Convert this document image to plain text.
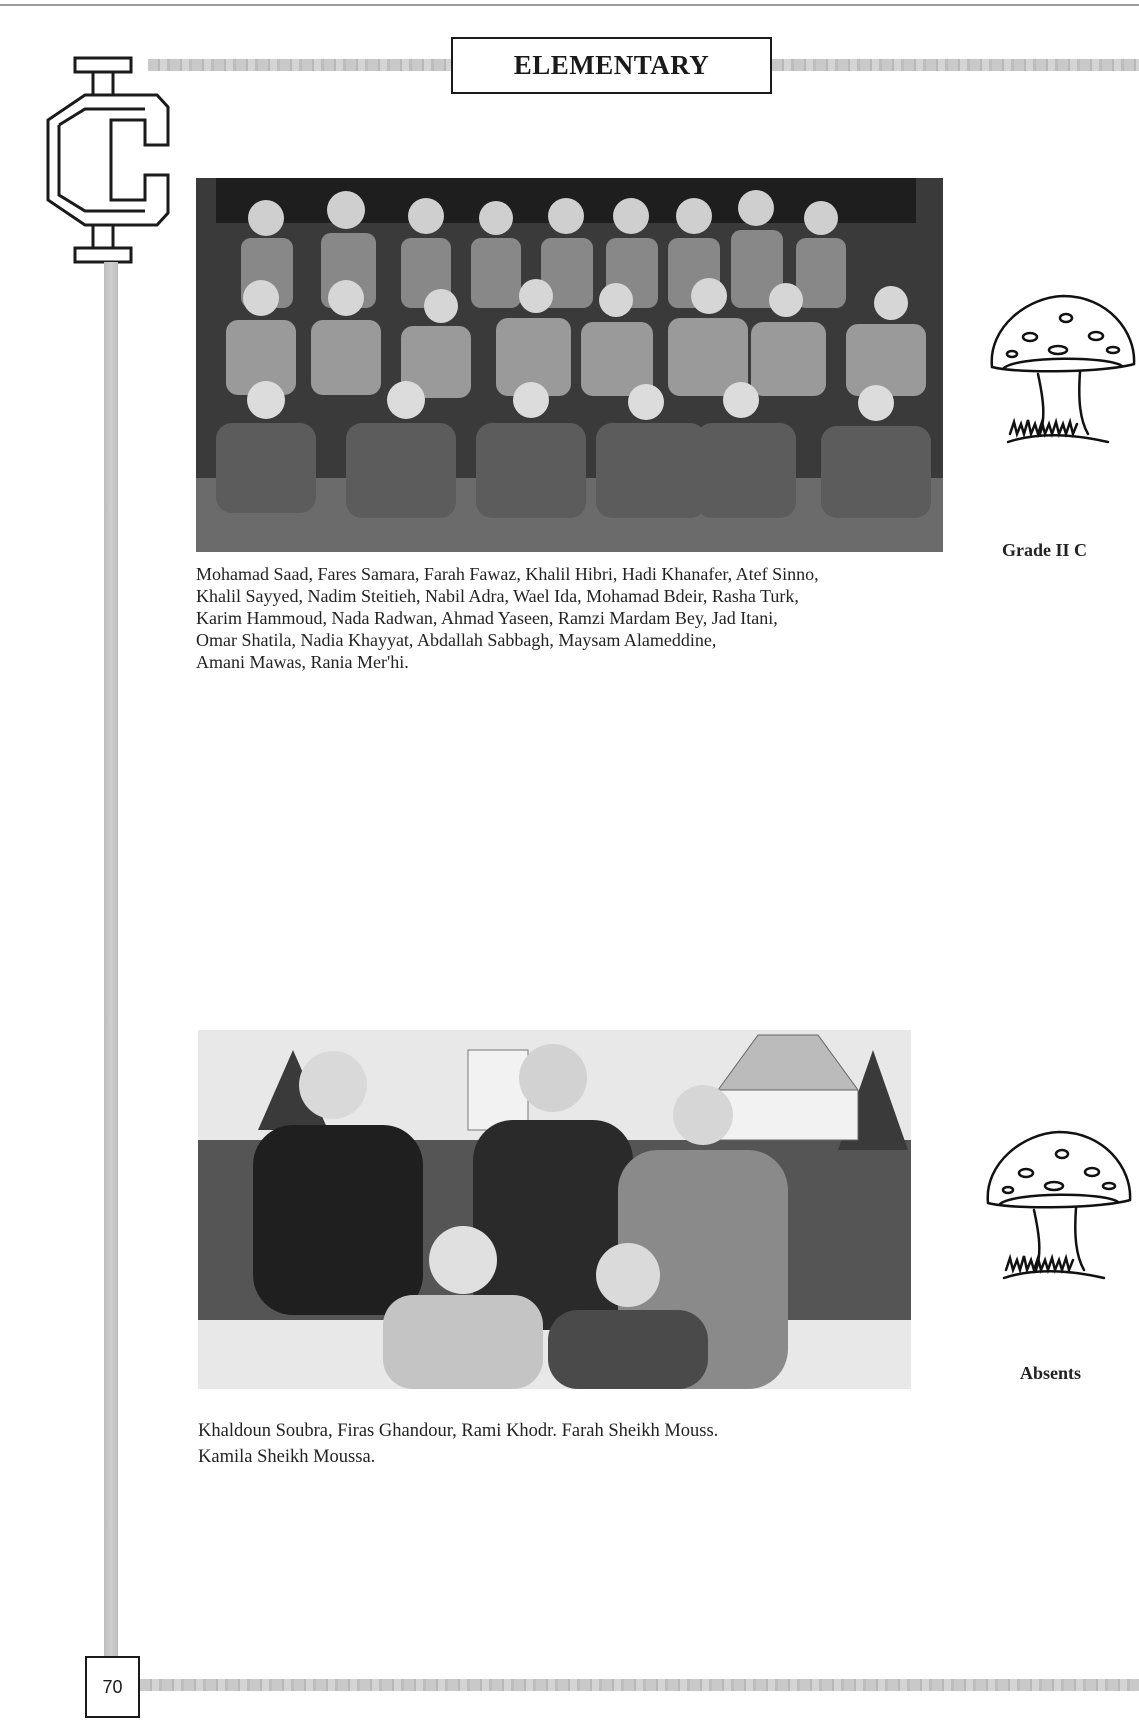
ELEMENTARY
Mohamad Saad, Fares Samara, Farah Fawaz, Khalil Hibri, Hadi Khanafer, Atef Sinno,
Khalil Sayyed, Nadim Steitieh, Nabil Adra, Wael Ida, Mohamad Bdeir, Rasha Turk,
Karim Hammoud, Nada Radwan, Ahmad Yaseen, Ramzi Mardam Bey, Jad Itani,
Omar Shatila, Nadia Khayyat, Abdallah Sabbagh, Maysam Alameddine,
Amani Mawas, Rania Mer'hi.
Grade II C
Khaldoun Soubra, Firas Ghandour, Rami Khodr. Farah Sheikh Mouss.
Kamila Sheikh Moussa.
Absents
70
